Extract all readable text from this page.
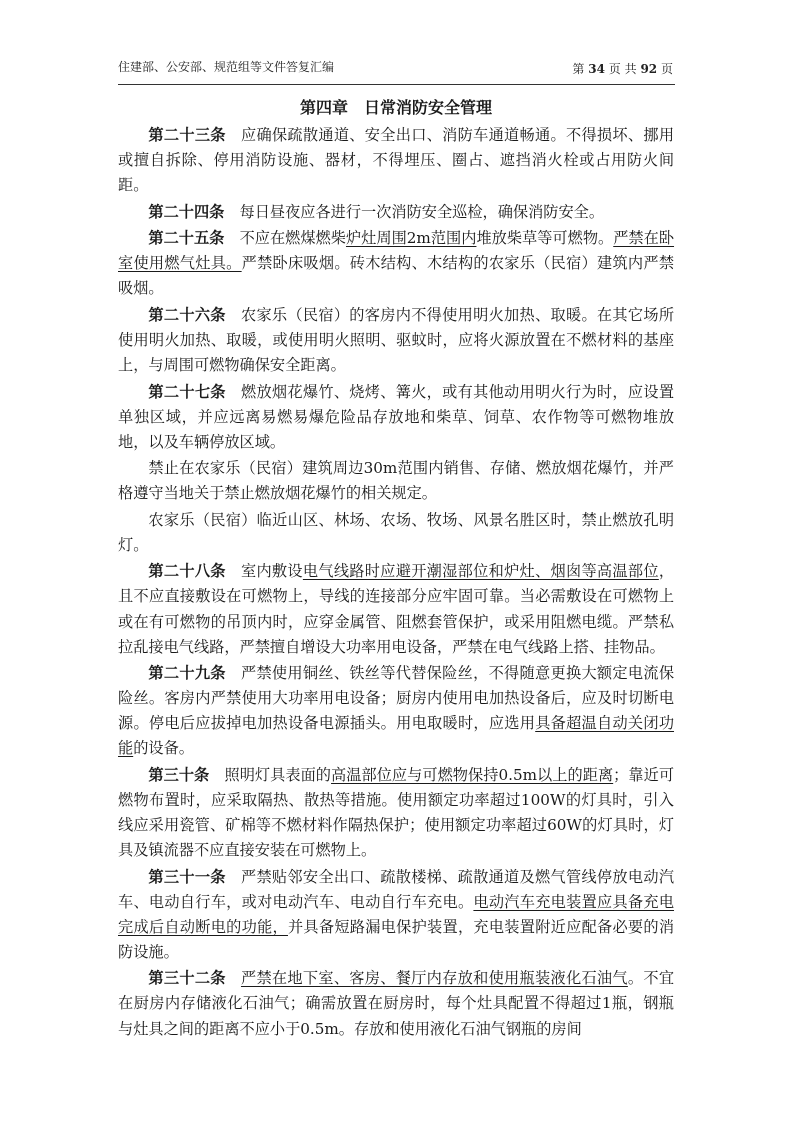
住建部、公安部、规范组等文件答复汇编	第 34 页 共 92 页
第四章　日常消防安全管理

第二十三条 应确保疏散通道、安全出口、消防车通道畅通。不得损坏、挪用或擅自拆除、停用消防设施、器材，不得埋压、圈占、遮挡消火栓或占用防火间距。

第二十四条 每日昼夜应各进行一次消防安全巡检，确保消防安全。

第二十五条 不应在燃煤燃柴炉灶周围2m范围内堆放柴草等可燃物。严禁在卧室使用燃气灶具。严禁卧床吸烟。砖木结构、木结构的农家乐（民宿）建筑内严禁吸烟。

第二十六条 农家乐（民宿）的客房内不得使用明火加热、取暖。在其它场所使用明火加热、取暖，或使用明火照明、驱蚊时，应将火源放置在不燃材料的基座上，与周围可燃物确保安全距离。

第二十七条 燃放烟花爆竹、烧烤、篝火，或有其他动用明火行为时，应设置单独区域，并应远离易燃易爆危险品存放地和柴草、饲草、农作物等可燃物堆放地，以及车辆停放区域。

禁止在农家乐（民宿）建筑周边30m范围内销售、存储、燃放烟花爆竹，并严格遵守当地关于禁止燃放烟花爆竹的相关规定。

农家乐（民宿）临近山区、林场、农场、牧场、风景名胜区时，禁止燃放孔明灯。

第二十八条 室内敷设电气线路时应避开潮湿部位和炉灶、烟囱等高温部位，且不应直接敷设在可燃物上，导线的连接部分应牢固可靠。当必需敷设在可燃物上或在有可燃物的吊顶内时，应穿金属管、阻燃套管保护，或采用阻燃电缆。严禁私拉乱接电气线路，严禁擅自增设大功率用电设备，严禁在电气线路上搭、挂物品。

第二十九条 严禁使用铜丝、铁丝等代替保险丝，不得随意更换大额定电流保险丝。客房内严禁使用大功率用电设备；厨房内使用电加热设备后，应及时切断电源。停电后应拔掉电加热设备电源插头。用电取暖时，应选用具备超温自动关闭功能的设备。

第三十条 照明灯具表面的高温部位应与可燃物保持0.5m以上的距离；靠近可燃物布置时，应采取隔热、散热等措施。使用额定功率超过100W的灯具时，引入线应采用瓷管、矿棉等不燃材料作隔热保护；使用额定功率超过60W的灯具时，灯具及镇流器不应直接安装在可燃物上。

第三十一条 严禁贴邻安全出口、疏散楼梯、疏散通道及燃气管线停放电动汽车、电动自行车，或对电动汽车、电动自行车充电。电动汽车充电装置应具备充电完成后自动断电的功能，并具备短路漏电保护装置，充电装置附近应配备必要的消防设施。

第三十二条 严禁在地下室、客房、餐厅内存放和使用瓶装液化石油气。不宜在厨房内存储液化石油气；确需放置在厨房时，每个灶具配置不得超过1瓶，钢瓶与灶具之间的距离不应小于0.5m。存放和使用液化石油气钢瓶的房间
